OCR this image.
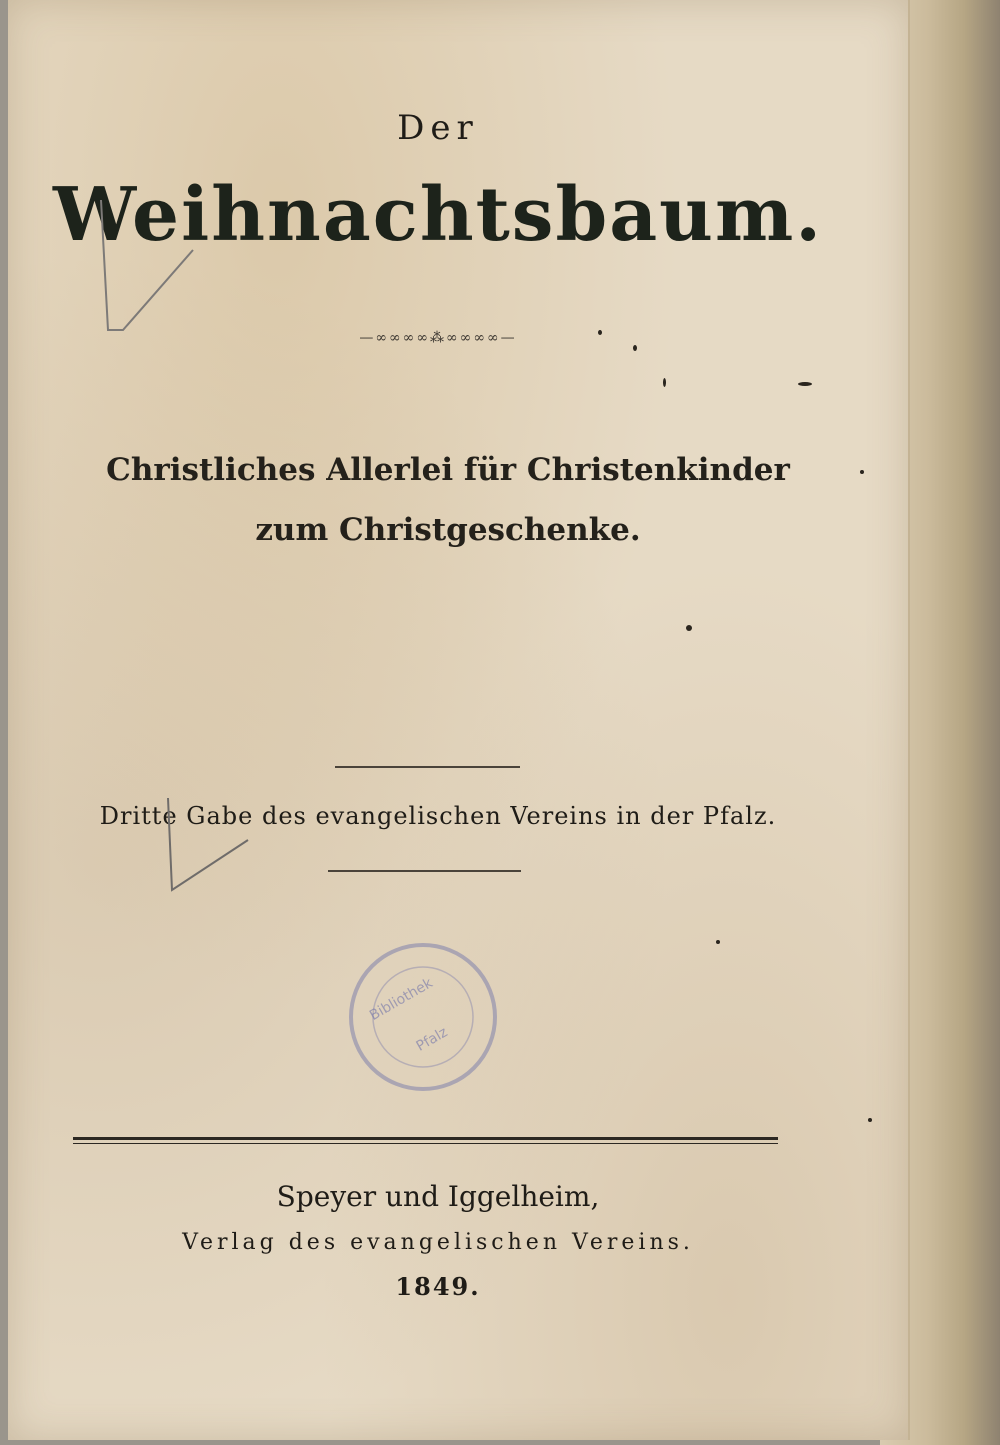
Der
Weihnachtsbaum.
—∞∞∞∞⁂∞∞∞∞—
Christliches Allerlei für Christenkinder zum Christgeschenke.
Dritte Gabe des evangelischen Vereins in der Pfalz.
Bibliothek
Pfalz
Speyer und Iggelheim,
Verlag des evangelischen Vereins.
1849.
